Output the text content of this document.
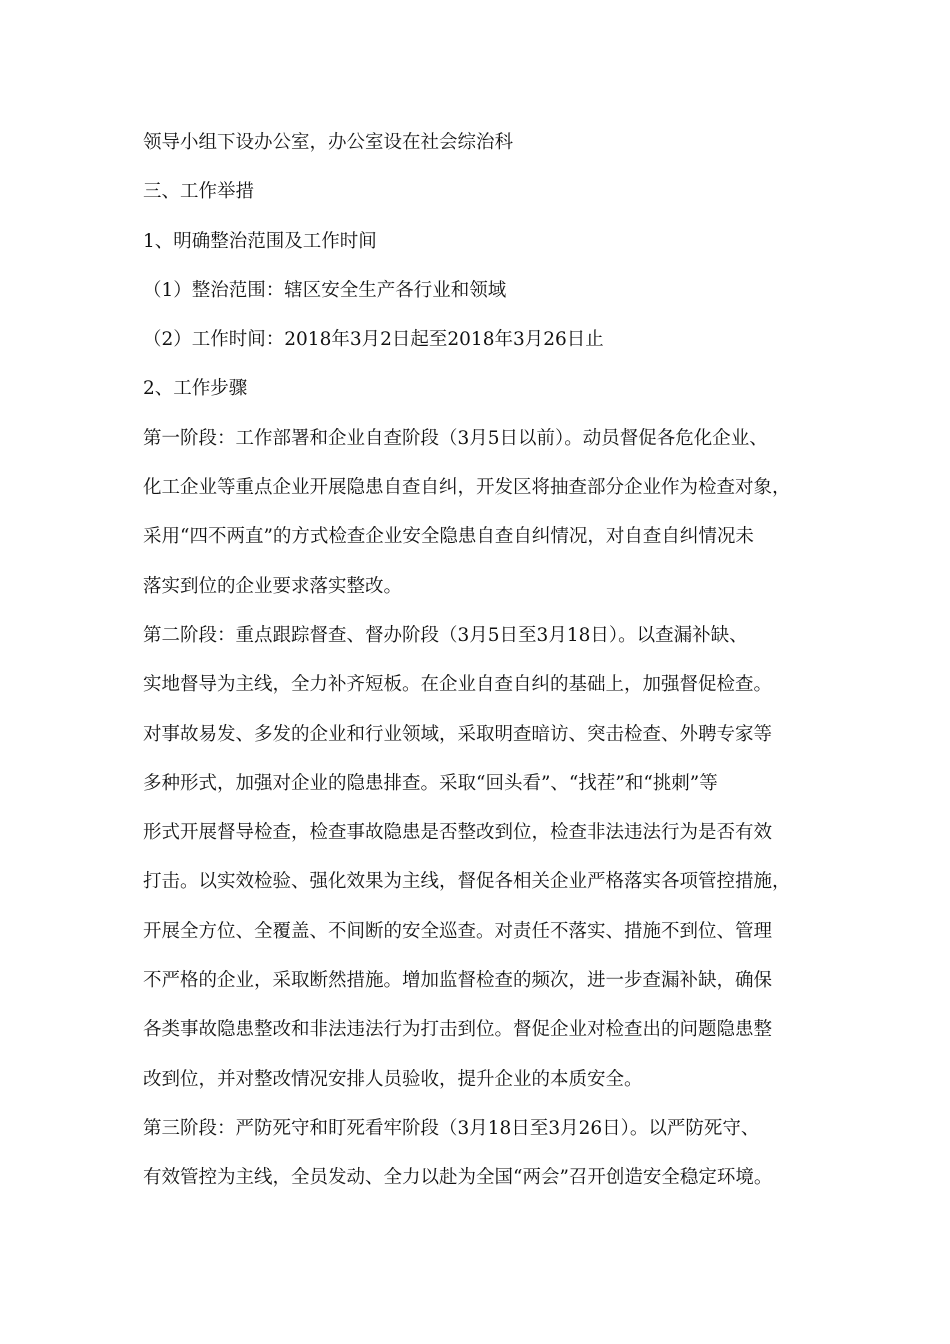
领导小组下设办公室，办公室设在社会综治科
三、工作举措
1、明确整治范围及工作时间
（1）整治范围：辖区安全生产各行业和领域
（2）工作时间：2018年3月2日起至2018年3月26日止
2、工作步骤
第一阶段：工作部署和企业自查阶段（3月5日以前）。动员督促各危化企业、
化工企业等重点企业开展隐患自查自纠，开发区将抽查部分企业作为检查对象，
采用“四不两直”的方式检查企业安全隐患自查自纠情况，对自查自纠情况未
落实到位的企业要求落实整改。
第二阶段：重点跟踪督查、督办阶段（3月5日至3月18日）。以查漏补缺、
实地督导为主线，全力补齐短板。在企业自查自纠的基础上，加强督促检查。
对事故易发、多发的企业和行业领域，采取明查暗访、突击检查、外聘专家等
多种形式，加强对企业的隐患排查。采取“回头看”、“找茬”和“挑刺”等
形式开展督导检查，检查事故隐患是否整改到位，检查非法违法行为是否有效
打击。以实效检验、强化效果为主线，督促各相关企业严格落实各项管控措施，
开展全方位、全覆盖、不间断的安全巡查。对责任不落实、措施不到位、管理
不严格的企业，采取断然措施。增加监督检查的频次，进一步查漏补缺，确保
各类事故隐患整改和非法违法行为打击到位。督促企业对检查出的问题隐患整
改到位，并对整改情况安排人员验收，提升企业的本质安全。
第三阶段：严防死守和盯死看牢阶段（3月18日至3月26日）。以严防死守、
有效管控为主线，全员发动、全力以赴为全国“两会”召开创造安全稳定环境。
